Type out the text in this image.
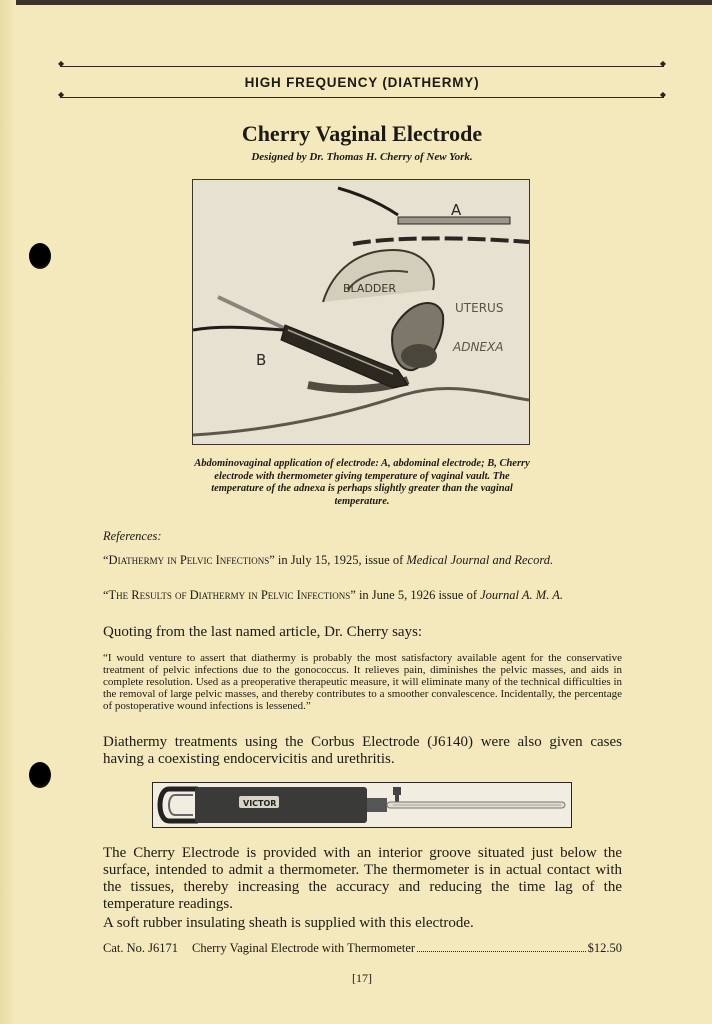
◆ ◆
HIGH FREQUENCY (DIATHERMY)
◆ ◆
Cherry Vaginal Electrode
Designed by Dr. Thomas H. Cherry of New York.
A
B
BLADDER
UTERUS
ADNEXA
Abdominovaginal application of electrode: A, abdominal electrode; B, Cherry electrode with thermometer giving temperature of vaginal vault. The temperature of the adnexa is perhaps slightly greater than the vaginal temperature.
References:
“Diathermy in Pelvic Infections” in July 15, 1925, issue of Medical Journal and Record.
“The Results of Diathermy in Pelvic Infections” in June 5, 1926 issue of Journal A. M. A.
Quoting from the last named article, Dr. Cherry says:
“I would venture to assert that diathermy is probably the most satisfactory available agent for the conservative treatment of pelvic infections due to the gonococcus. It relieves pain, diminishes the pelvic masses, and aids in complete resolution. Used as a preoperative therapeutic measure, it will eliminate many of the technical difficulties in the removal of large pelvic masses, and thereby contributes to a smoother convalescence. Incidentally, the percentage of postoperative wound infections is lessened.”
Diathermy treatments using the Corbus Electrode (J6140) were also given cases having a coexisting endocervicitis and urethritis.
VICTOR
The Cherry Electrode is provided with an interior groove situated just below the surface, intended to admit a thermometer. The thermometer is in actual contact with the tissues, thereby increasing the accuracy and reducing the time lag of the temperature readings.
A soft rubber insulating sheath is supplied with this electrode.
Cat. No. J6171 Cherry Vaginal Electrode with Thermometer	$12.50
[17]
